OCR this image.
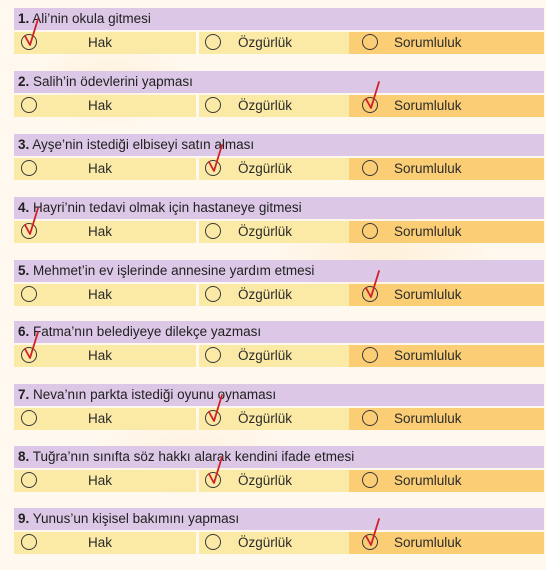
1. Ali’nin okula gitmesi
Hak	Özgürlük	Sorumluluk
2. Salih’in ödevlerini yapması
Hak	Özgürlük	Sorumluluk
3. Ayşe’nin istediği elbiseyi satın alması
Hak	Özgürlük	Sorumluluk
4. Hayri’nin tedavi olmak için hastaneye gitmesi
Hak	Özgürlük	Sorumluluk
5. Mehmet’in ev işlerinde annesine yardım etmesi
Hak	Özgürlük	Sorumluluk
6. Fatma’nın belediyeye dilekçe yazması
Hak	Özgürlük	Sorumluluk
7. Neva’nın parkta istediği oyunu oynaması
Hak	Özgürlük	Sorumluluk
8. Tuğra’nın sınıfta söz hakkı alarak kendini ifade etmesi
Hak	Özgürlük	Sorumluluk
9. Yunus’un kişisel bakımını yapması
Hak	Özgürlük	Sorumluluk
